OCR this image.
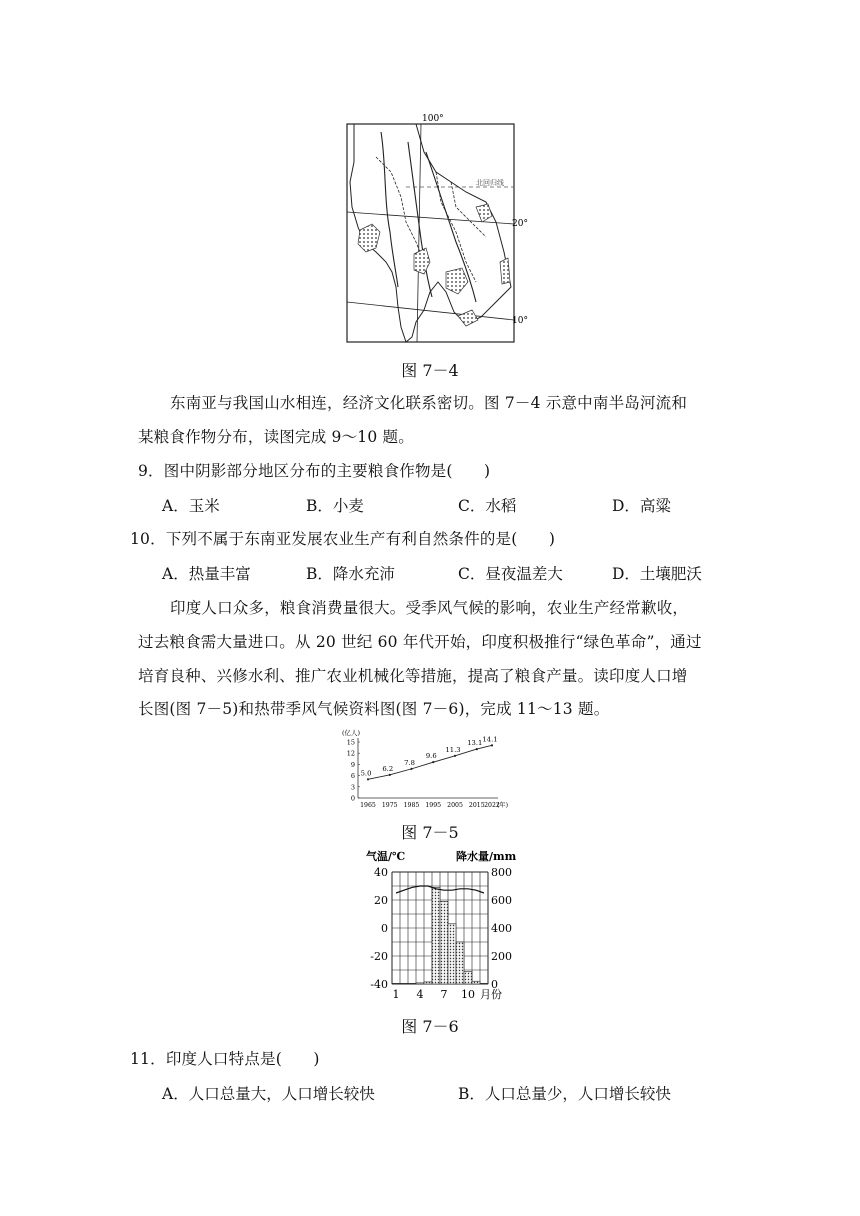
100°
北回归线
20°
10°
图 7－4
东南亚与我国山水相连，经济文化联系密切。图 7－4 示意中南半岛河流和
某粮食作物分布，读图完成 9～10 题。
9．图中阴影部分地区分布的主要粮食作物是(　　)
A．玉米	B．小麦	C．水稻	D．高粱
10．下列不属于东南亚发展农业生产有利自然条件的是(　　)
A．热量丰富	B．降水充沛	C．昼夜温差大	D．土壤肥沃
印度人口众多，粮食消费量很大。受季风气候的影响，农业生产经常歉收，
过去粮食需大量进口。从 20 世纪 60 年代开始，印度积极推行“绿色革命”，通过
培育良种、兴修水利、推广农业机械化等措施，提高了粮食产量。读印度人口增
长图(图 7－5)和热带季风气候资料图(图 7－6)，完成 11～13 题。
(亿人)
0
3
6
9
12
15
1965 1975 1985 1995 2005 2015 2022
(年)
5.0
6.2
7.8
9.6
11.3
13.1 14.1
图 7－5
气温/℃	降水量/mm
40
20
0
-20
-40
800
600
400
200
0
1 4 7 10 月份
图 7－6
11．印度人口特点是(　　)
A．人口总量大，人口增长较快	B．人口总量少，人口增长较快
